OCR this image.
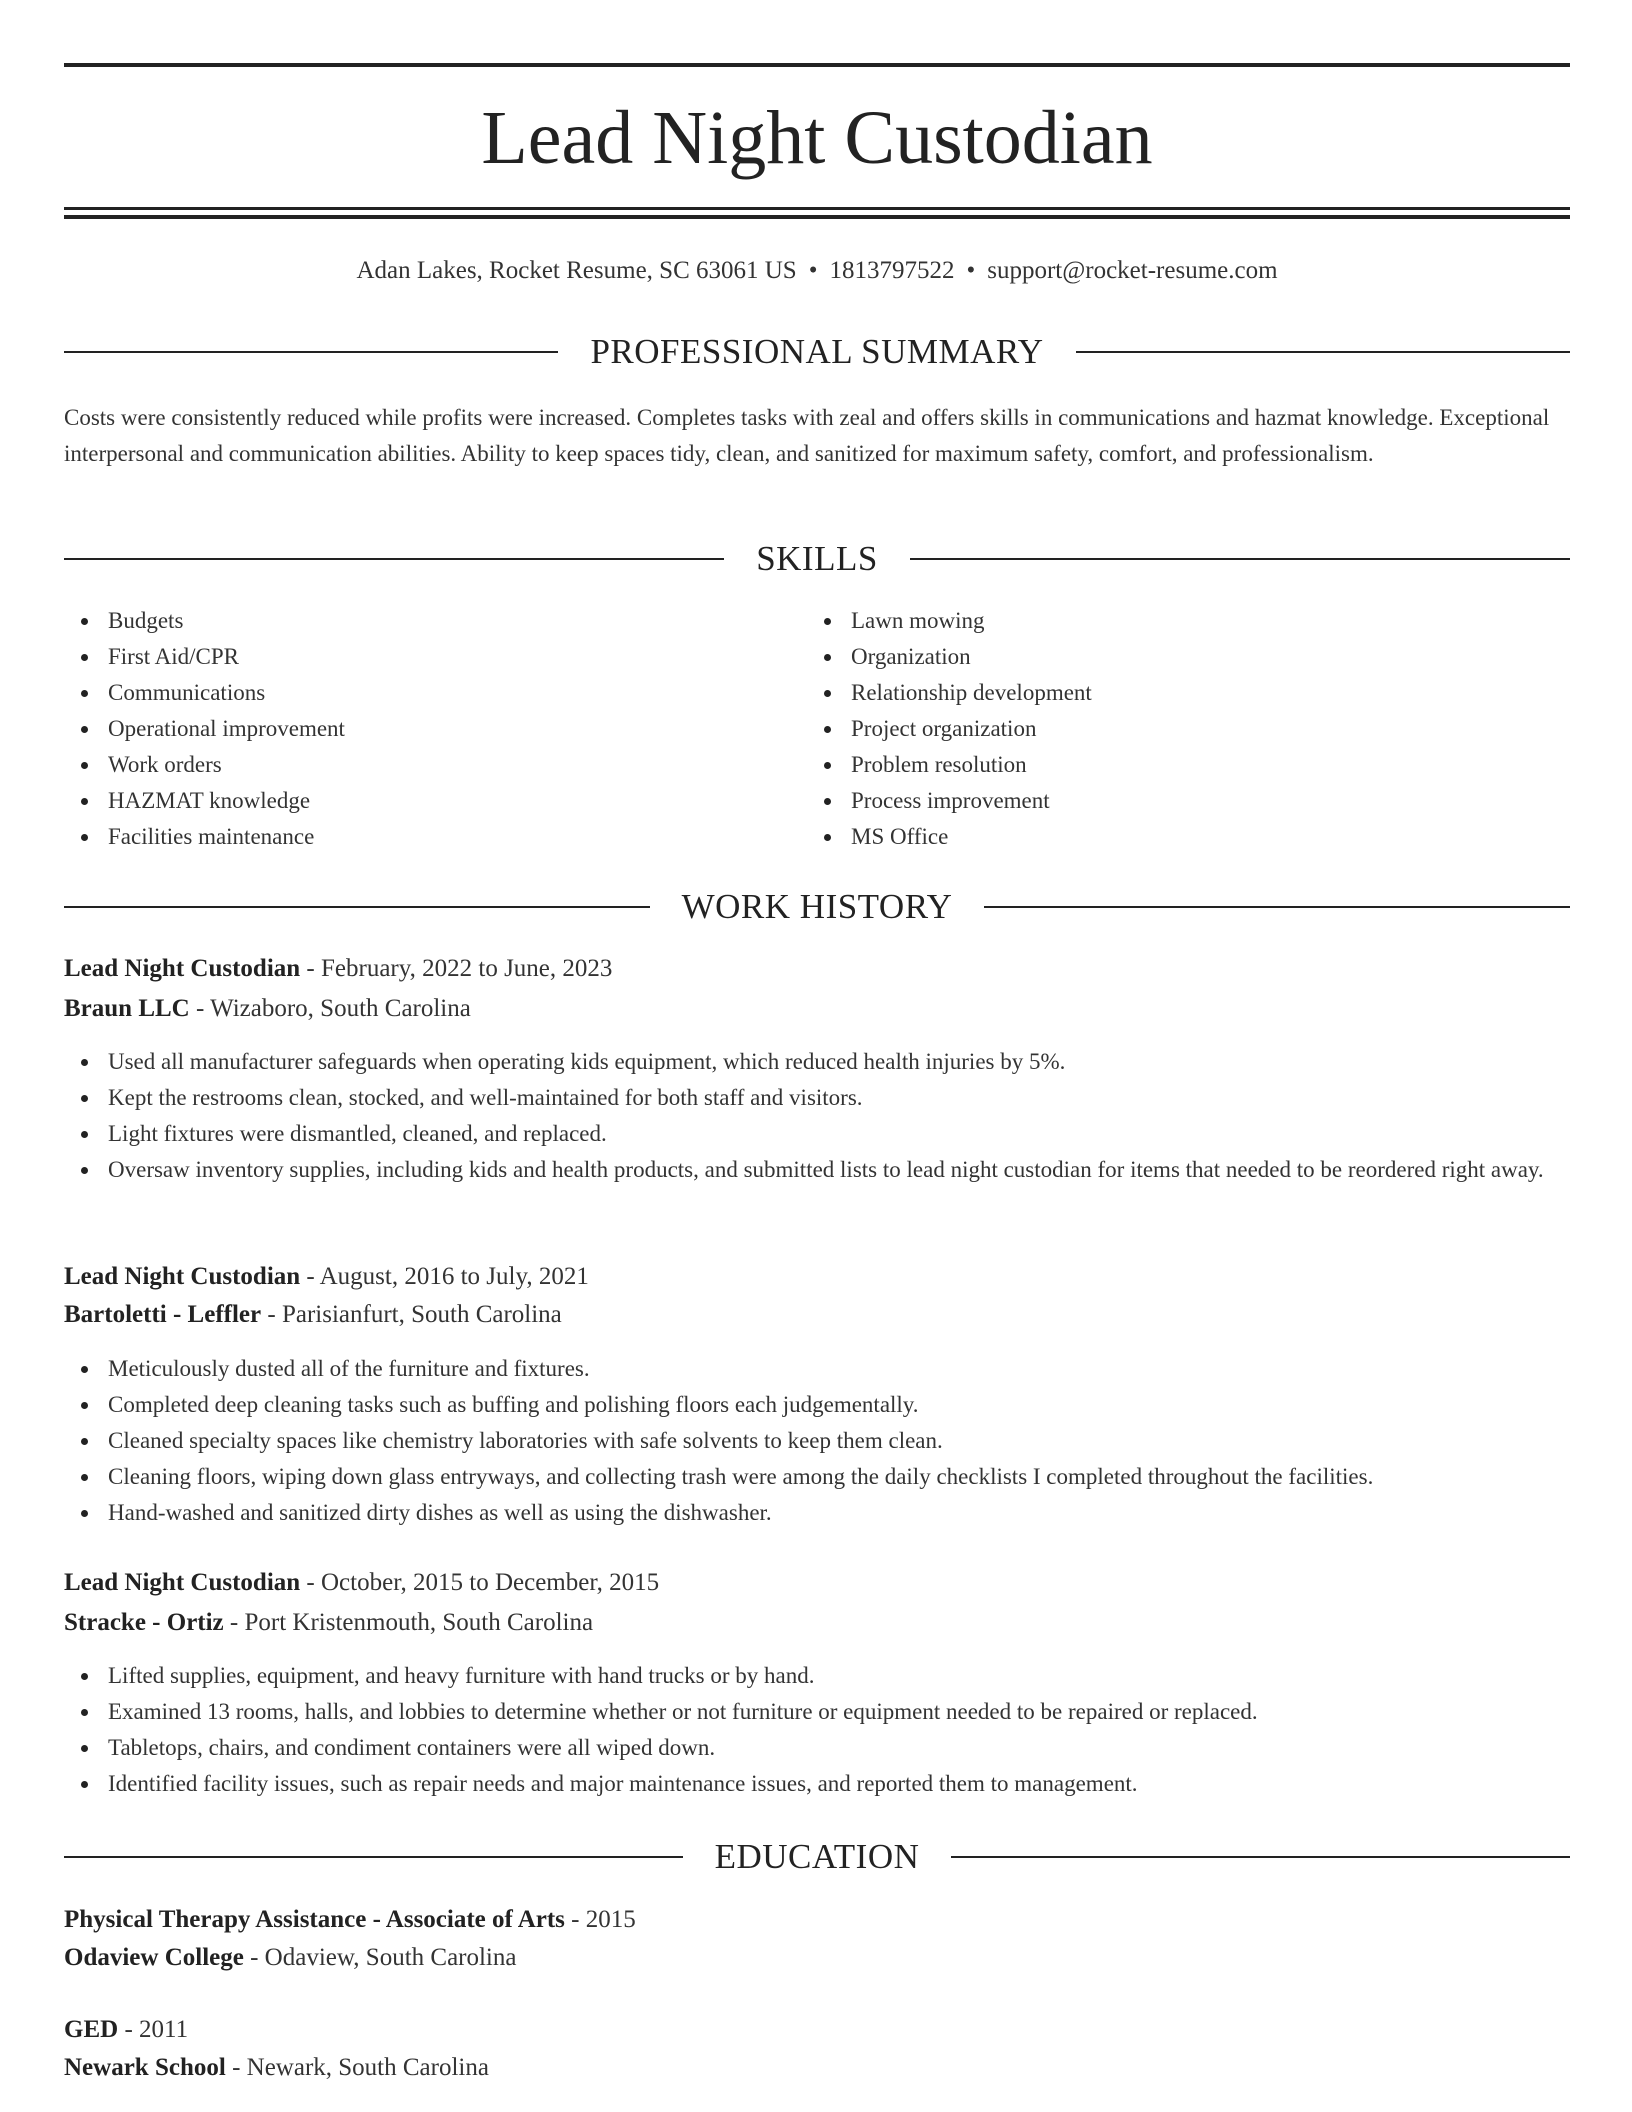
Lead Night Custodian
Adan Lakes, Rocket Resume, SC 63061 US • 1813797522 • support@rocket-resume.com
PROFESSIONAL SUMMARY

Costs were consistently reduced while profits were increased. Completes tasks with zeal and offers skills in communications and hazmat knowledge. Exceptional interpersonal and communication abilities. Ability to keep spaces tidy, clean, and sanitized for maximum safety, comfort, and professionalism.

SKILLS
Budgets
First Aid/CPR
Communications
Operational improvement
Work orders
HAZMAT knowledge
Facilities maintenance
Lawn mowing
Organization
Relationship development
Project organization
Problem resolution
Process improvement
MS Office
WORK HISTORY
Lead Night Custodian - February, 2022 to June, 2023
Braun LLC - Wizaboro, South Carolina
Used all manufacturer safeguards when operating kids equipment, which reduced health injuries by 5%.
Kept the restrooms clean, stocked, and well-maintained for both staff and visitors.
Light fixtures were dismantled, cleaned, and replaced.
Oversaw inventory supplies, including kids and health products, and submitted lists to lead night custodian for items that needed to be reordered right away.
Lead Night Custodian - August, 2016 to July, 2021
Bartoletti - Leffler - Parisianfurt, South Carolina
Meticulously dusted all of the furniture and fixtures.
Completed deep cleaning tasks such as buffing and polishing floors each judgementally.
Cleaned specialty spaces like chemistry laboratories with safe solvents to keep them clean.
Cleaning floors, wiping down glass entryways, and collecting trash were among the daily checklists I completed throughout the facilities.
Hand-washed and sanitized dirty dishes as well as using the dishwasher.
Lead Night Custodian - October, 2015 to December, 2015
Stracke - Ortiz - Port Kristenmouth, South Carolina
Lifted supplies, equipment, and heavy furniture with hand trucks or by hand.
Examined 13 rooms, halls, and lobbies to determine whether or not furniture or equipment needed to be repaired or replaced.
Tabletops, chairs, and condiment containers were all wiped down.
Identified facility issues, such as repair needs and major maintenance issues, and reported them to management.
EDUCATION
Physical Therapy Assistance - Associate of Arts - 2015
Odaview College - Odaview, South Carolina
GED - 2011
Newark School - Newark, South Carolina
